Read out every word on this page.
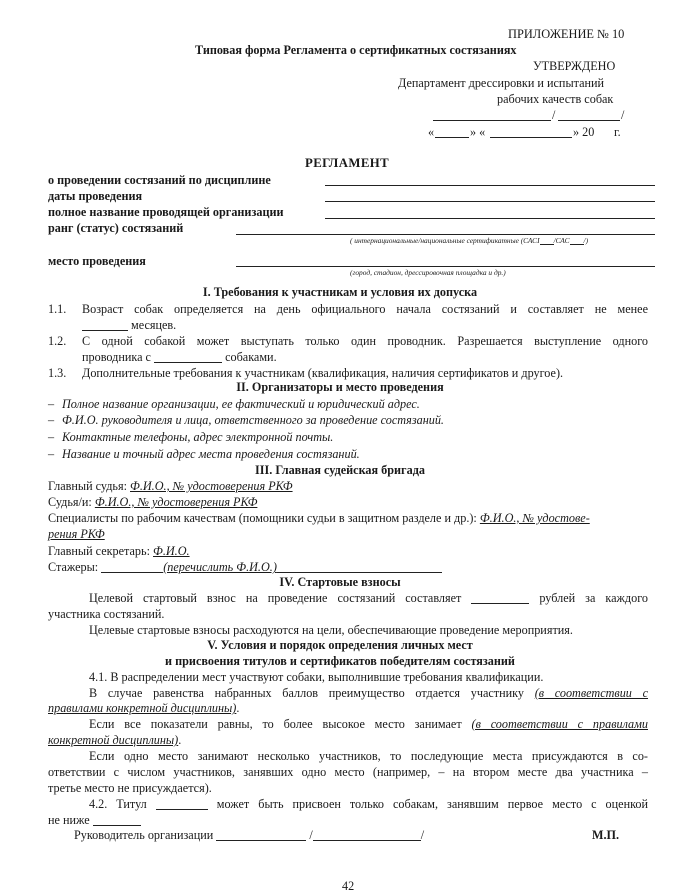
ПРИЛОЖЕНИЕ № 10
Типовая форма Регламента о сертификатных состязаниях
УТВЕРЖДЕНО
Департамент дрессировки и испытаний
рабочих качеств собак
/	/
«	» «	» 20 г.
РЕГЛАМЕНТ
о проведении состязаний по дисциплине
даты проведения
полное название проводящей организации
ранг (статус) состязаний
( интернациональные/национальные сертификатные (САСI /САС /)
место проведения
(город, стадион, дрессировочная площадка и др.)
I. Требования к участникам и условия их допуска
1.1. Возраст собак определяется на день официального начала состязаний и составляет не менее
месяцев.
1.2. С одной собакой может выступать только один проводник. Разрешается выступление одного
проводника с	собаками.
1.3. Дополнительные требования к участникам (квалификация, наличия сертификатов и другое).
II. Организаторы и место проведения
– Полное название организации, ее фактический и юридический адрес.
– Ф.И.О. руководителя и лица, ответственного за проведение состязаний.
– Контактные телефоны, адрес электронной почты.
– Название и точный адрес места проведения состязаний.
III. Главная судейская бригада
Главный судья: Ф.И.О., № удостоверения РКФ
Судья/и: Ф.И.О., № удостоверения РКФ
Специалисты по рабочим качествам (помощники судьи в защитном разделе и др.): Ф.И.О., № удостове-
рения РКФ
Главный секретарь: Ф.И.О.
Стажеры:	(перечислить Ф.И.О.)
IV. Стартовые взносы
Целевой стартовый взнос на проведение состязаний составляет	рублей за каждого
участника состязаний.
Целевые стартовые взносы расходуются на цели, обеспечивающие проведение мероприятия.
V. Условия и порядок определения личных мест
и присвоения титулов и сертификатов победителям состязаний
4.1. В распределении мест участвуют собаки, выполнившие требования квалификации.
В случае равенства набранных баллов преимущество отдается участнику (в соответствии с
правилами конкретной дисциплины).
Если все показатели равны, то более высокое место занимает (в соответствии с правилами
конкретной дисциплины).
Если одно место занимают несколько участников, то последующие места присуждаются в со-
ответствии с числом участников, занявших одно место (например, – на втором месте два участника –
третье место не присуждается).
4.2. Титул	может быть присвоен только собакам, занявшим первое место с оценкой
не ниже
Руководитель организации	/	/	М.П.
42
